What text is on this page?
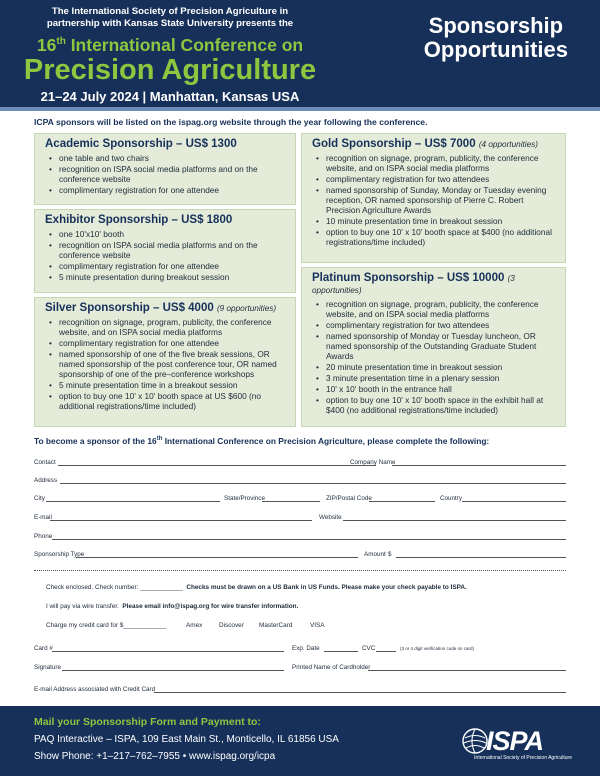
The International Society of Precision Agriculture in
partnership with Kansas State University presents the
16th International Conference on
Precision Agriculture
21–24 July 2024 | Manhattan, Kansas USA
Sponsorship
Opportunities
ICPA sponsors will be listed on the ispag.org website through the year following the conference.
Academic Sponsorship – US$ 1300
• one table and two chairs
• recognition on ISPA social media platforms and on the conference website
• complimentary registration for one attendee
Exhibitor Sponsorship – US$ 1800
• one 10'x10' booth
• recognition on ISPA social media platforms and on the conference website
• complimentary registration for one attendee
• 5 minute presentation during breakout session
Silver Sponsorship – US$ 4000 (9 opportunities)
• recognition on signage, program, publicity, the conference website, and on ISPA social media platforms
• complimentary registration for one attendee
• named sponsorship of one of the five break sessions, OR named sponsorship of the post conference tour, OR named sponsorship of one of the pre–conference workshops
• 5 minute presentation time in a breakout session
• option to buy one 10' x 10' booth space at US $600 (no additional registrations/time included)
Gold Sponsorship – US$ 7000 (4 opportunities)
• recognition on signage, program, publicity, the conference website, and on ISPA social media platforms
• complimentary registration for two attendees
• named sponsorship of Sunday, Monday or Tuesday evening reception, OR named sponsorship of Pierre C. Robert Precision Agriculture Awards
• 10 minute presentation time in breakout session
• option to buy one 10' x 10' booth space at $400 (no additional registrations/time included)
Platinum Sponsorship – US$ 10000 (3 opportunities)
• recognition on signage, program, publicity, the conference website, and on ISPA social media platforms
• complimentary registration for two attendees
• named sponsorship of Monday or Tuesday luncheon, OR named sponsorship of the Outstanding Graduate Student Awards
• 20 minute presentation time in breakout session
• 3 minute presentation time in a plenary session
• 10' x 10' booth in the entrance hall
• option to buy one 10' x 10' booth space in the exhibit hall at $400 (no additional registrations/time included)
To become a sponsor of the 16th International Conference on Precision Agriculture, please complete the following:
Contact	Company Name
Address
City	State/Province	ZIP/Postal Code	Country
E-mail	Website
Phone
Sponsorship Type	Amount $
Check enclosed. Check number: ____________ Checks must be drawn on a US Bank in US Funds. Please make your check payable to ISPA.
I will pay via wire transfer. Please email info@ispag.org for wire transfer information.
Charge my credit card for $____________	Amex	Discover MasterCard	VISA
Card #	Exp. Date	CVC	(3 or 4 digit verification code on card)
Signature	Printed Name of Cardholder
E-mail Address associated with Credit Card
Mail your Sponsorship Form and Payment to:
PAQ Interactive – ISPA, 109 East Main St., Monticello, IL 61856 USA
Show Phone: +1–217–762–7955 • www.ispag.org/icpa
ISPA
International Society of Precision Agriculture
